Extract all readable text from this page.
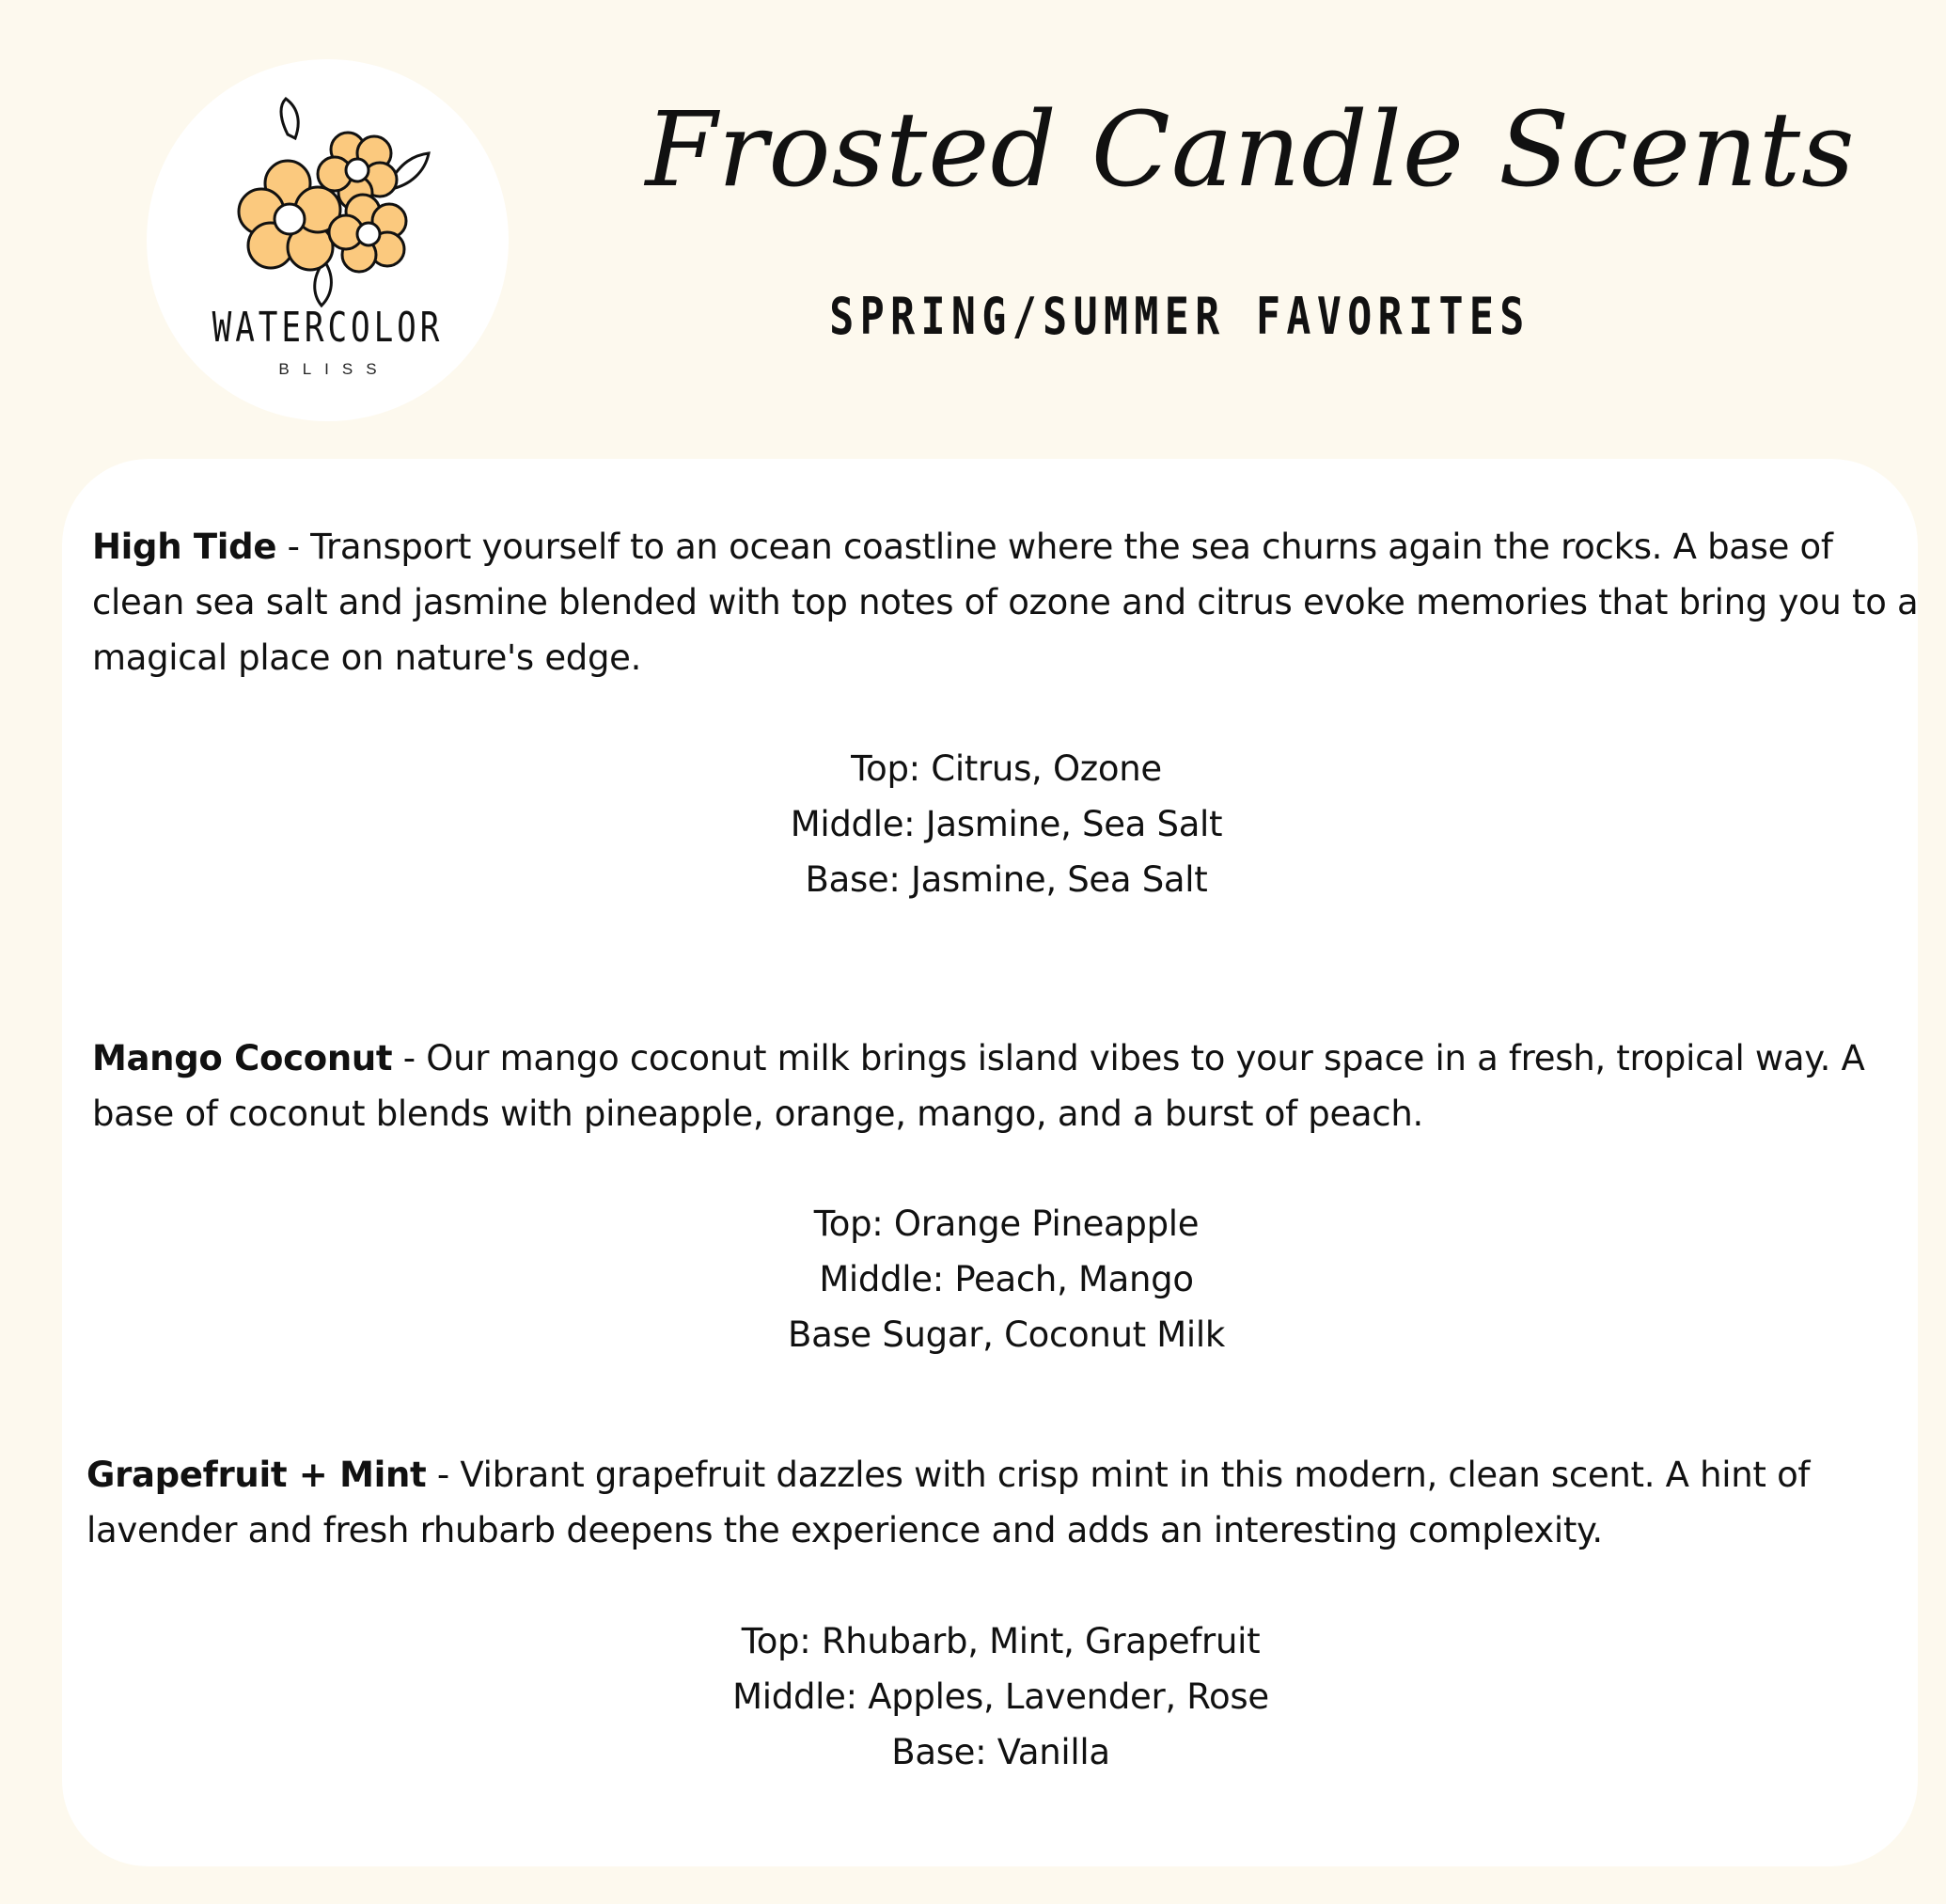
WATERCOLOR
BLISS
Frosted Candle Scents
SPRING/SUMMER FAVORITES
High Tide - Transport yourself to an ocean coastline where the sea churns again the rocks. A base of clean sea salt and jasmine blended with top notes of ozone and citrus evoke memories that bring you to a magical place on nature's edge.
Top: Citrus, Ozone
Middle: Jasmine, Sea Salt
Base: Jasmine, Sea Salt
Mango Coconut - Our mango coconut milk brings island vibes to your space in a fresh, tropical way. A base of coconut blends with pineapple, orange, mango, and a burst of peach.
Top: Orange Pineapple
Middle: Peach, Mango
Base Sugar, Coconut Milk
Grapefruit + Mint - Vibrant grapefruit dazzles with crisp mint in this modern, clean scent. A hint of lavender and fresh rhubarb deepens the experience and adds an interesting complexity.
Top: Rhubarb, Mint, Grapefruit
Middle: Apples, Lavender, Rose
Base: Vanilla
